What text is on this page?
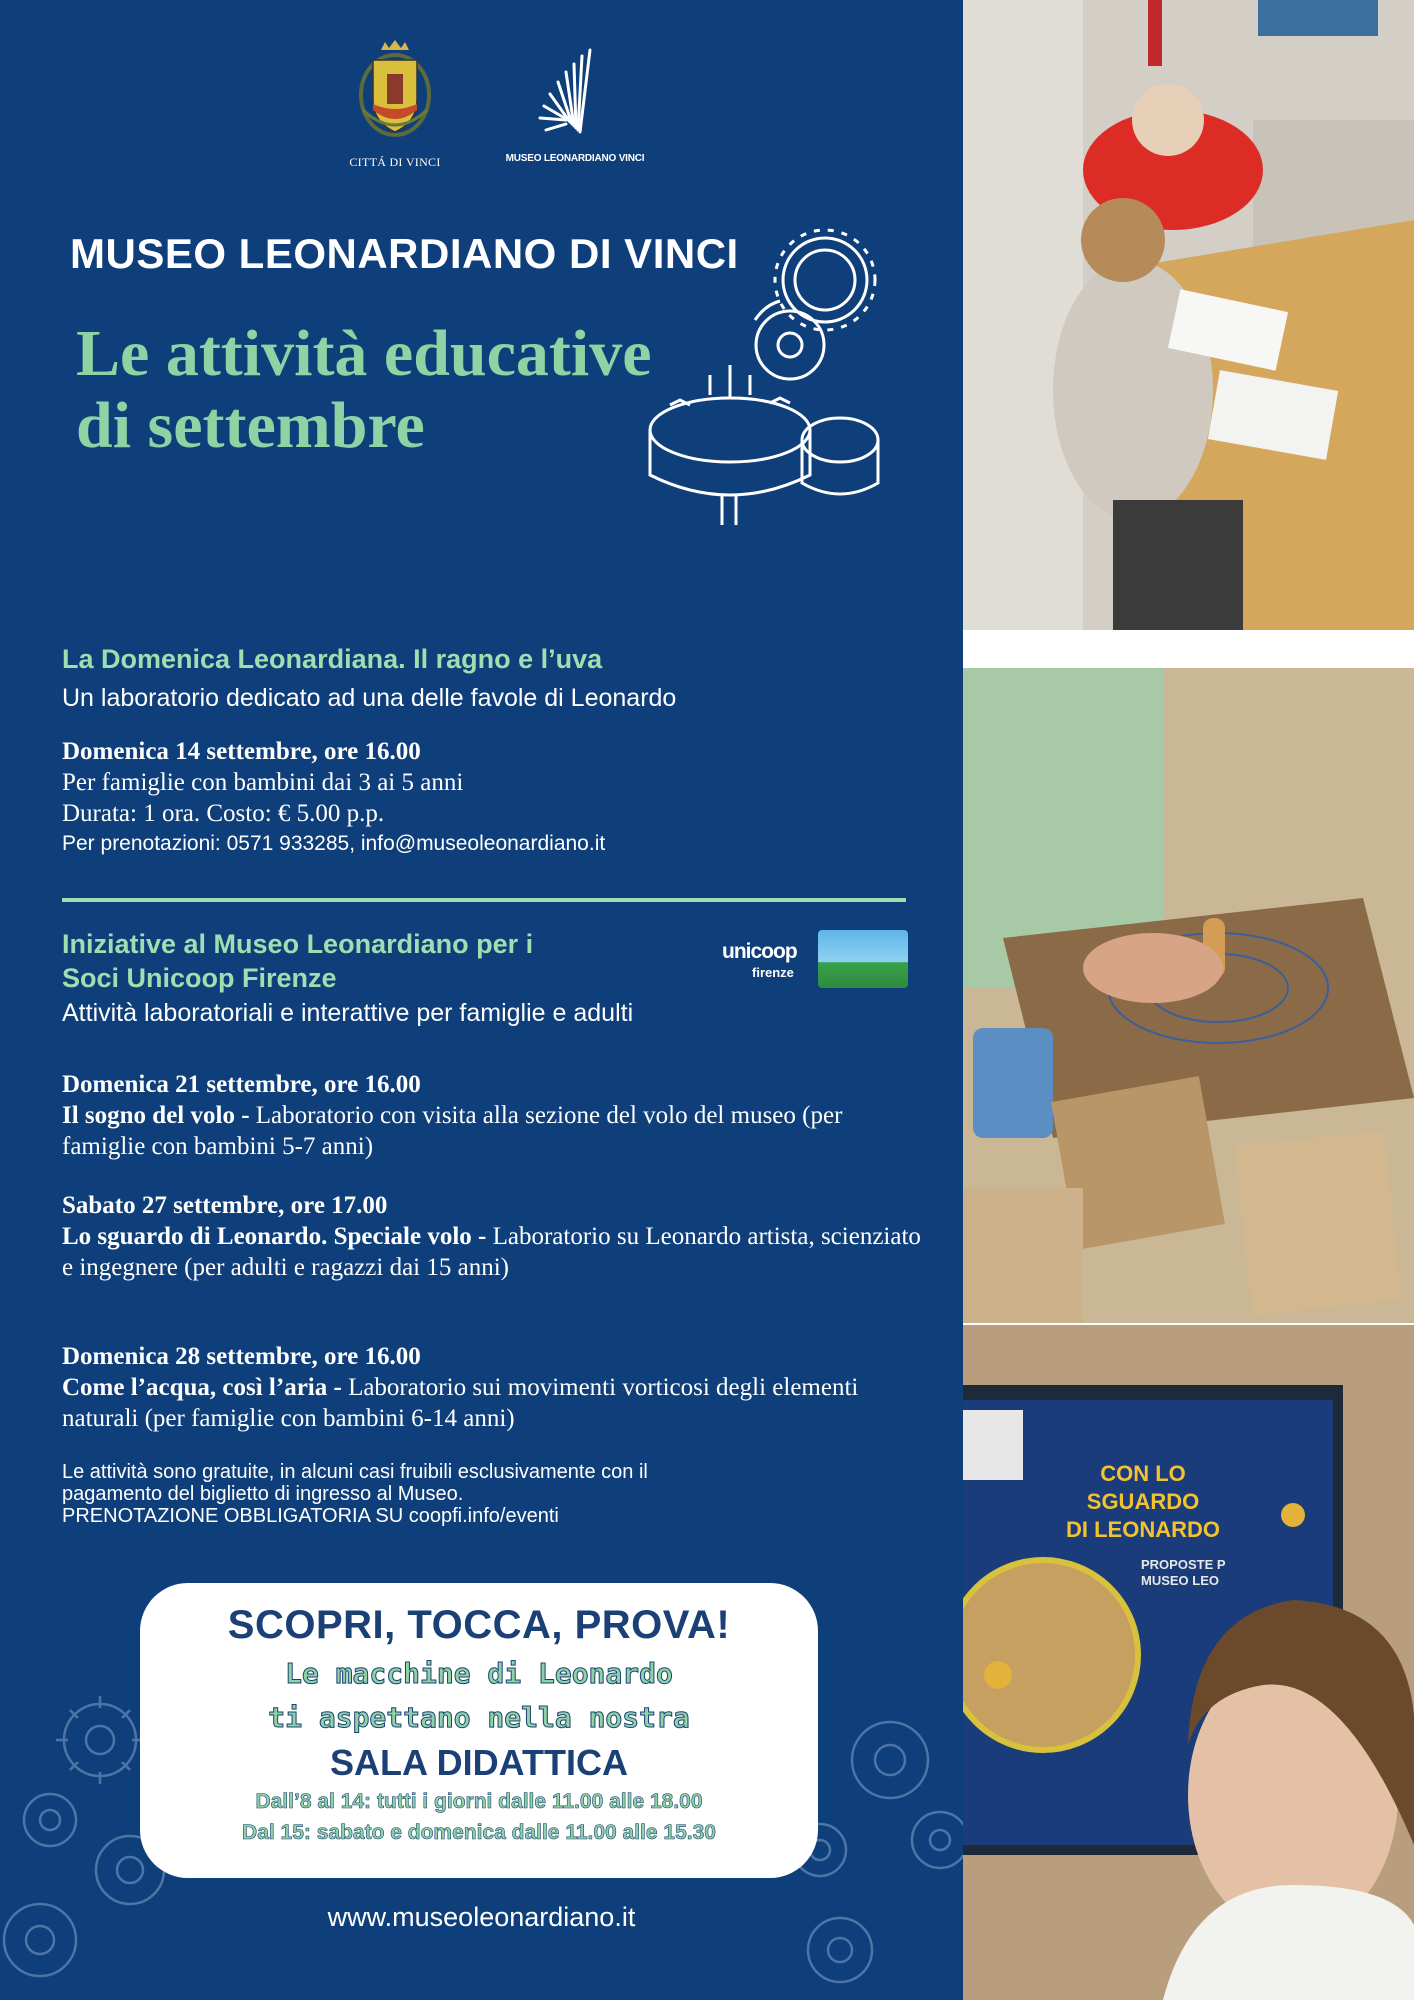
CITTÁ DI VINCI	MUSEO LEONARDIANO VINCI
MUSEO LEONARDIANO DI VINCI
Le attività educative
di settembre
La Domenica Leonardiana. Il ragno e l’uva
Un laboratorio dedicato ad una delle favole di Leonardo
Domenica 14 settembre, ore 16.00
Per famiglie con bambini dai 3 ai 5 anni
Durata: 1 ora. Costo: € 5.00 p.p.
Per prenotazioni: 0571 933285, info@museoleonardiano.it
unicoop
firenze
Iniziative al Museo Leonardiano per i
Soci Unicoop Firenze
Attività laboratoriali e interattive per famiglie e adulti
Domenica 21 settembre, ore 16.00
Il sogno del volo - Laboratorio con visita alla sezione del volo del museo (per famiglie con bambini 5-7 anni)
Sabato 27 settembre, ore 17.00
Lo sguardo di Leonardo. Speciale volo - Laboratorio su Leonardo artista, scienziato e ingegnere (per adulti e ragazzi dai 15 anni)
Domenica 28 settembre, ore 16.00
Come l’acqua, così l’aria - Laboratorio sui movimenti vorticosi degli elementi naturali (per famiglie con bambini 6-14 anni)
Le attività sono gratuite, in alcuni casi fruibili esclusivamente con il
pagamento del biglietto di ingresso al Museo.
PRENOTAZIONE OBBLIGATORIA SU coopfi.info/eventi
SCOPRI, TOCCA, PROVA!
Le macchine di Leonardo
ti aspettano nella nostra
SALA DIDATTICA
Dall’8 al 14: tutti i giorni dalle 11.00 alle 18.00
Dal 15: sabato e domenica dalle 11.00 alle 15.30
www.museoleonardiano.it
CON LO SGUARDO
DI LEONARDO
PROPOSTE P
MUSEO LEO
